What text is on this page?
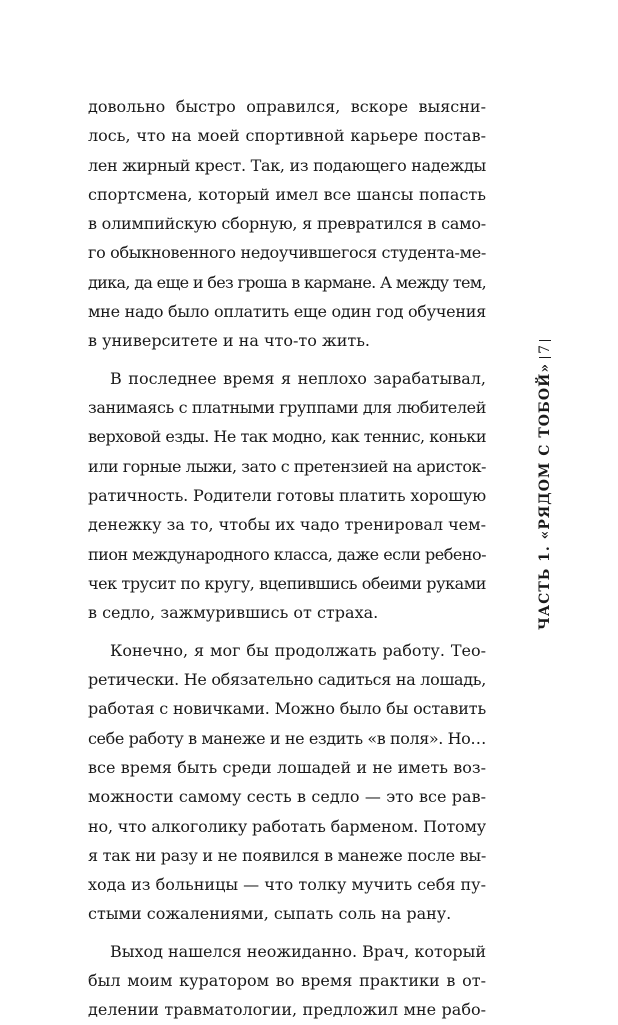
довольно быстро оправился, вскоре выясни-
лось, что на моей спортивной карьере постав-
лен жирный крест. Так, из подающего надежды
спортсмена, который имел все шансы попасть
в олимпийскую сборную, я превратился в само-
го обыкновенного недоучившегося студента-ме-
дика, да еще и без гроша в кармане. А между тем,
мне надо было оплатить еще один год обучения
в университете и на что-то жить.
В последнее время я неплохо зарабатывал,
занимаясь с платными группами для любителей
верховой езды. Не так модно, как теннис, коньки
или горные лыжи, зато с претензией на аристок-
ратичность. Родители готовы платить хорошую
денежку за то, чтобы их чадо тренировал чем-
пион международного класса, даже если ребено-
чек трусит по кругу, вцепившись обеими руками
в седло, зажмурившись от страха.
Конечно, я мог бы продолжать работу. Тео-
ретически. Не обязательно садиться на лошадь,
работая с новичками. Можно было бы оставить
себе работу в манеже и не ездить «в поля». Но…
все время быть среди лошадей и не иметь воз-
можности самому сесть в седло — это все рав-
но, что алкоголику работать барменом. Потому
я так ни разу и не появился в манеже после вы-
хода из больницы — что толку мучить себя пу-
стыми сожалениями, сыпать соль на рану.
Выход нашелся неожиданно. Врач, который
был моим куратором во время практики в от-
делении травматологии, предложил мне рабо-
ЧАСТЬ 1. «РЯДОМ С ТОБОЙ»
7
